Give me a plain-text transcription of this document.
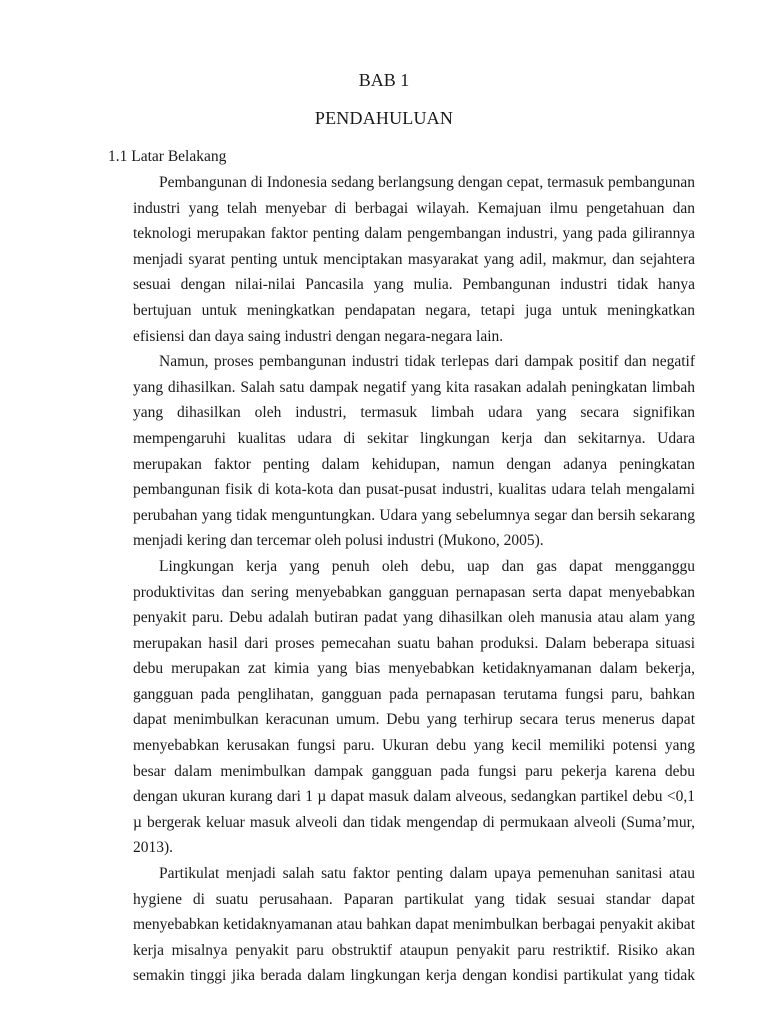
BAB 1
PENDAHULUAN
1.1 Latar Belakang

Pembangunan di Indonesia sedang berlangsung dengan cepat, termasuk pembangunan industri yang telah menyebar di berbagai wilayah. Kemajuan ilmu pengetahuan dan teknologi merupakan faktor penting dalam pengembangan industri, yang pada gilirannya menjadi syarat penting untuk menciptakan masyarakat yang adil, makmur, dan sejahtera sesuai dengan nilai-nilai Pancasila yang mulia. Pembangunan industri tidak hanya bertujuan untuk meningkatkan pendapatan negara, tetapi juga untuk meningkatkan efisiensi dan daya saing industri dengan negara-negara lain.

Namun, proses pembangunan industri tidak terlepas dari dampak positif dan negatif yang dihasilkan. Salah satu dampak negatif yang kita rasakan adalah peningkatan limbah yang dihasilkan oleh industri, termasuk limbah udara yang secara signifikan mempengaruhi kualitas udara di sekitar lingkungan kerja dan sekitarnya. Udara merupakan faktor penting dalam kehidupan, namun dengan adanya peningkatan pembangunan fisik di kota-kota dan pusat-pusat industri, kualitas udara telah mengalami perubahan yang tidak menguntungkan. Udara yang sebelumnya segar dan bersih sekarang menjadi kering dan tercemar oleh polusi industri (Mukono, 2005).

Lingkungan kerja yang penuh oleh debu, uap dan gas dapat mengganggu produktivitas dan sering menyebabkan gangguan pernapasan serta dapat menyebabkan penyakit paru. Debu adalah butiran padat yang dihasilkan oleh manusia atau alam yang merupakan hasil dari proses pemecahan suatu bahan produksi. Dalam beberapa situasi debu merupakan zat kimia yang bias menyebabkan ketidaknyamanan dalam bekerja, gangguan pada penglihatan, gangguan pada pernapasan terutama fungsi paru, bahkan dapat menimbulkan keracunan umum. Debu yang terhirup secara terus menerus dapat menyebabkan kerusakan fungsi paru. Ukuran debu yang kecil memiliki potensi yang besar dalam menimbulkan dampak gangguan pada fungsi paru pekerja karena debu dengan ukuran kurang dari 1 µ dapat masuk dalam alveous, sedangkan partikel debu <0,1 µ bergerak keluar masuk alveoli dan tidak mengendap di permukaan alveoli (Suma’mur, 2013).

Partikulat menjadi salah satu faktor penting dalam upaya pemenuhan sanitasi atau hygiene di suatu perusahaan. Paparan partikulat yang tidak sesuai standar dapat menyebabkan ketidaknyamanan atau bahkan dapat menimbulkan berbagai penyakit akibat kerja misalnya penyakit paru obstruktif ataupun penyakit paru restriktif. Risiko akan semakin tinggi jika berada dalam lingkungan kerja dengan kondisi partikulat yang tidak
